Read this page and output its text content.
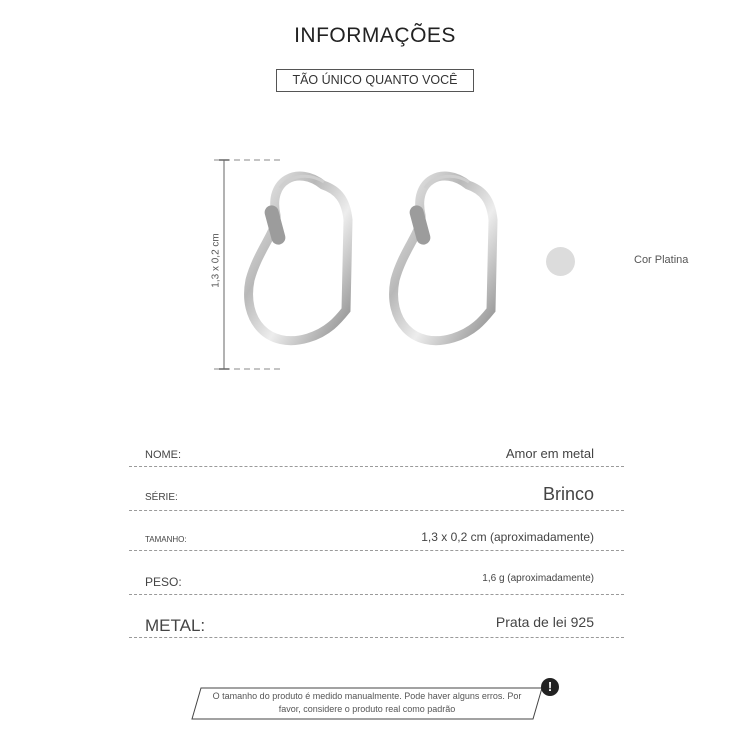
INFORMAÇÕES
TÃO ÚNICO QUANTO VOCÊ
1,3 x 0,2 cm	Cor Platina
NOME:	Amor em metal
SÉRIE:	Brinco
TAMANHO:	1,3 x 0,2 cm (aproximadamente)
PESO:	1,6 g (aproximadamente)
METAL:	Prata de lei 925
O tamanho do produto é medido manualmente. Pode haver alguns erros. Por favor, considere o produto real como padrão
!
